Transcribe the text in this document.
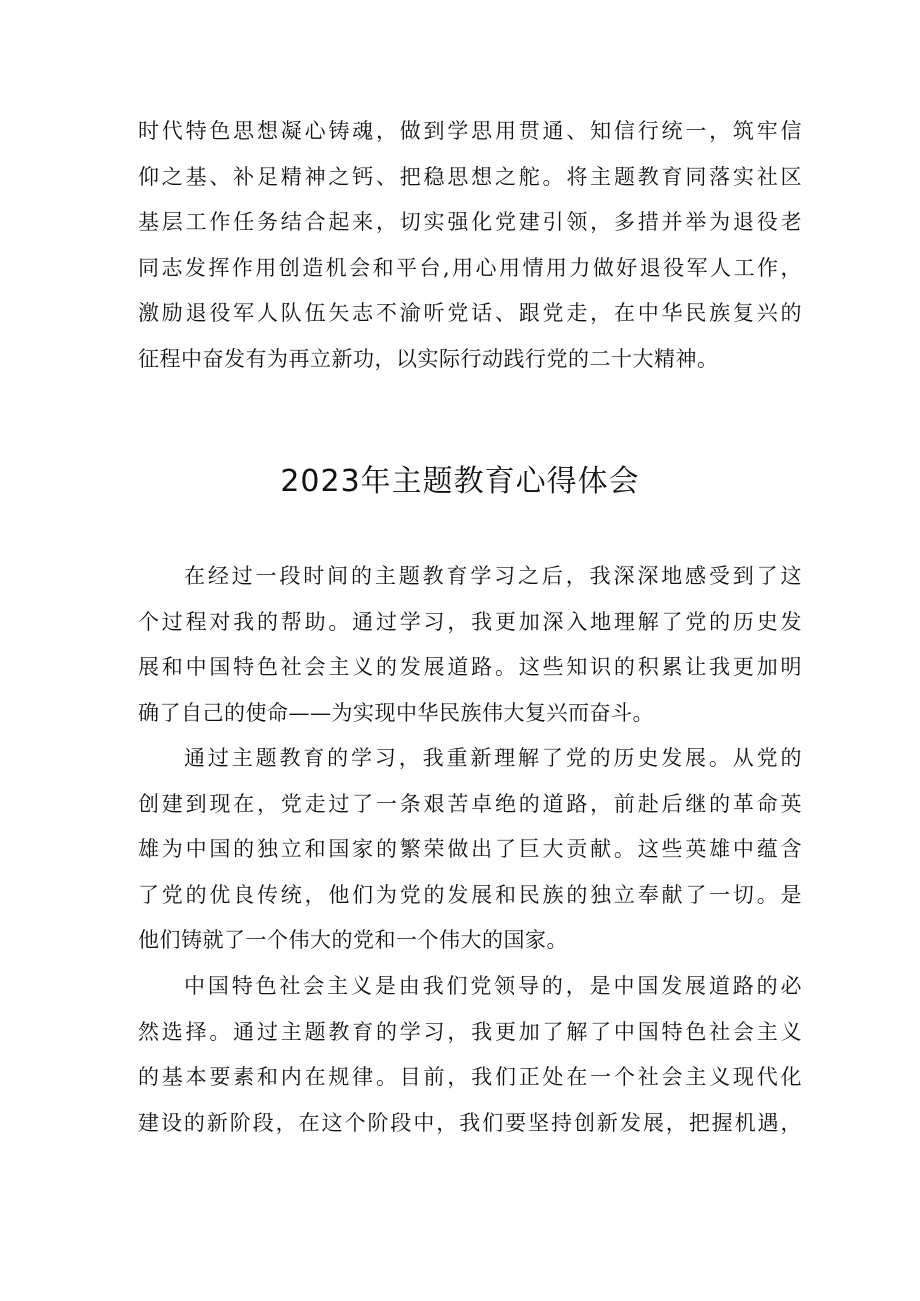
时代特色思想凝心铸魂，做到学思用贯通、知信行统一，筑牢信
仰之基、补足精神之钙、把稳思想之舵。将主题教育同落实社区
基层工作任务结合起来，切实强化党建引领，多措并举为退役老
同志发挥作用创造机会和平台,用心用情用力做好退役军人工作，
激励退役军人队伍矢志不渝听党话、跟党走，在中华民族复兴的
征程中奋发有为再立新功，以实际行动践行党的二十大精神。
2023年主题教育心得体会
在经过一段时间的主题教育学习之后，我深深地感受到了这
个过程对我的帮助。通过学习，我更加深入地理解了党的历史发
展和中国特色社会主义的发展道路。这些知识的积累让我更加明
确了自己的使命——为实现中华民族伟大复兴而奋斗。
通过主题教育的学习，我重新理解了党的历史发展。从党的
创建到现在，党走过了一条艰苦卓绝的道路，前赴后继的革命英
雄为中国的独立和国家的繁荣做出了巨大贡献。这些英雄中蕴含
了党的优良传统，他们为党的发展和民族的独立奉献了一切。是
他们铸就了一个伟大的党和一个伟大的国家。
中国特色社会主义是由我们党领导的，是中国发展道路的必
然选择。通过主题教育的学习，我更加了解了中国特色社会主义
的基本要素和内在规律。目前，我们正处在一个社会主义现代化
建设的新阶段，在这个阶段中，我们要坚持创新发展，把握机遇，
